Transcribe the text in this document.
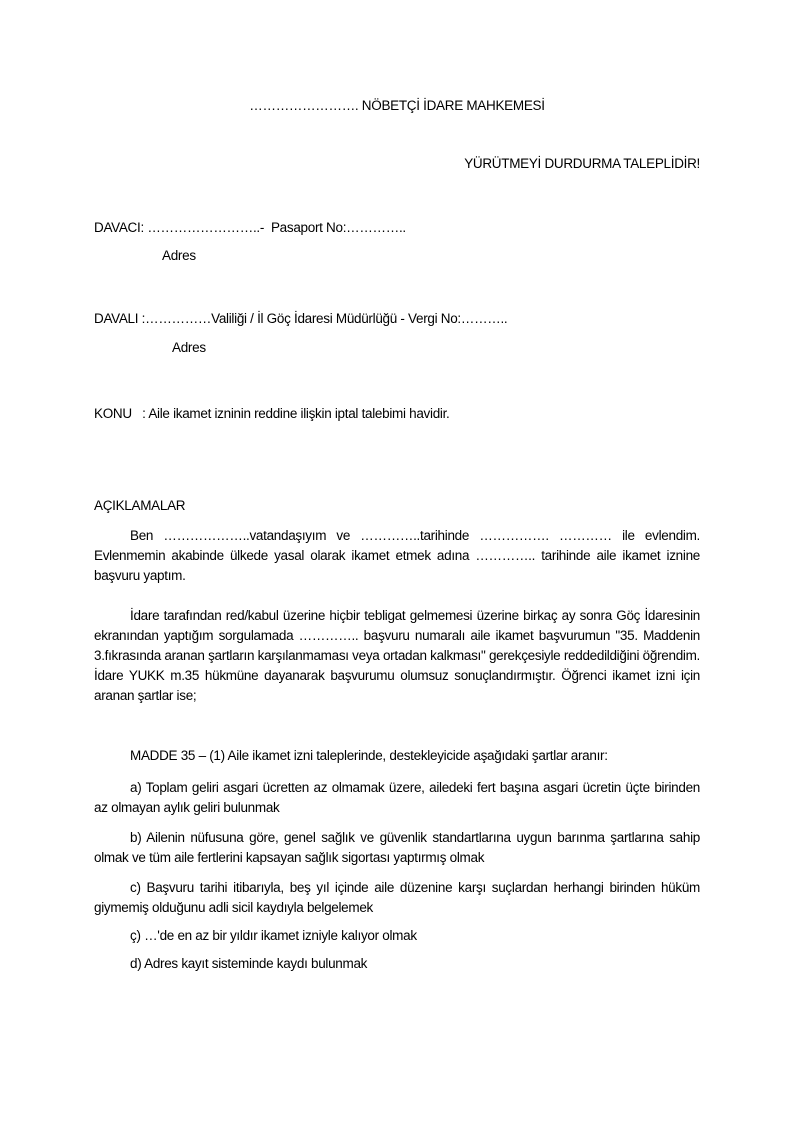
……………………. NÖBETÇİ İDARE MAHKEMESİ

YÜRÜTMEYİ DURDURMA TALEPLİDİR!

DAVACI: ……………………..-  Pasaport No:…………..

Adres

DAVALI :……………Valiliği / İl Göç İdaresi Müdürlüğü - Vergi No:………..

Adres

KONU   : Aile ikamet izninin reddine ilişkin iptal talebimi havidir.

AÇIKLAMALAR

Ben ………………..vatandaşıyım ve …………..tarihinde ……………. ………… ile evlendim. Evlenmemin akabinde ülkede yasal olarak ikamet etmek adına ………….. tarihinde aile ikamet iznine başvuru yaptım.

İdare tarafından red/kabul üzerine hiçbir tebligat gelmemesi üzerine birkaç ay sonra Göç İdaresinin ekranından yaptığım sorgulamada ………….. başvuru numaralı aile ikamet başvurumun "35. Maddenin 3.fıkrasında aranan şartların karşılanmaması veya ortadan kalkması" gerekçesiyle reddedildiğini öğrendim. İdare YUKK m.35 hükmüne dayanarak başvurumu olumsuz sonuçlandırmıştır. Öğrenci ikamet izni için aranan şartlar ise;

MADDE 35 – (1) Aile ikamet izni taleplerinde, destekleyicide aşağıdaki şartlar aranır:

a) Toplam geliri asgari ücretten az olmamak üzere, ailedeki fert başına asgari ücretin üçte birinden az olmayan aylık geliri bulunmak

b) Ailenin nüfusuna göre, genel sağlık ve güvenlik standartlarına uygun barınma şartlarına sahip olmak ve tüm aile fertlerini kapsayan sağlık sigortası yaptırmış olmak

c) Başvuru tarihi itibarıyla, beş yıl içinde aile düzenine karşı suçlardan herhangi birinden hüküm giymemiş olduğunu adli sicil kaydıyla belgelemek

ç) …'de en az bir yıldır ikamet izniyle kalıyor olmak

d) Adres kayıt sisteminde kaydı bulunmak
